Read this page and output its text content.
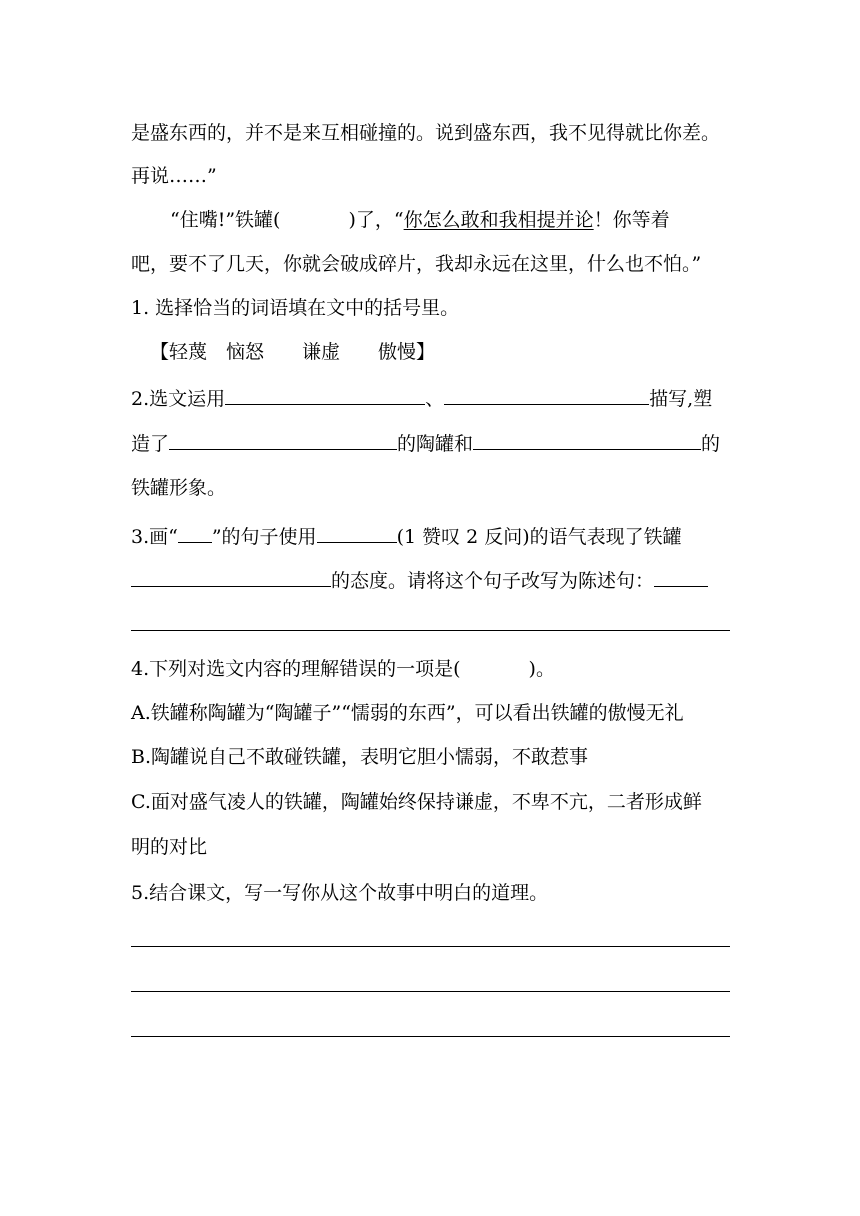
是盛东西的，并不是来互相碰撞的。说到盛东西，我不见得就比你差。
再说……”
“住嘴!”铁罐(	)了，“你怎么敢和我相提并论！你等着
吧，要不了几天，你就会破成碎片，我却永远在这里，什么也不怕。”
1. 选择恰当的词语填在文中的括号里。
【轻蔑　恼怒　　谦虚　　傲慢】
2.选文运用	、	描写,塑
造了	的陶罐和	的
铁罐形象。
3.画“ ”的句子使用	(1 赞叹 2 反问)的语气表现了铁罐
的态度。请将这个句子改写为陈述句：
4.下列对选文内容的理解错误的一项是(	)。
A.铁罐称陶罐为“陶罐子”“懦弱的东西”，可以看出铁罐的傲慢无礼
B.陶罐说自己不敢碰铁罐，表明它胆小懦弱，不敢惹事
C.面对盛气凌人的铁罐，陶罐始终保持谦虚，不卑不亢，二者形成鲜
明的对比
5.结合课文，写一写你从这个故事中明白的道理。
